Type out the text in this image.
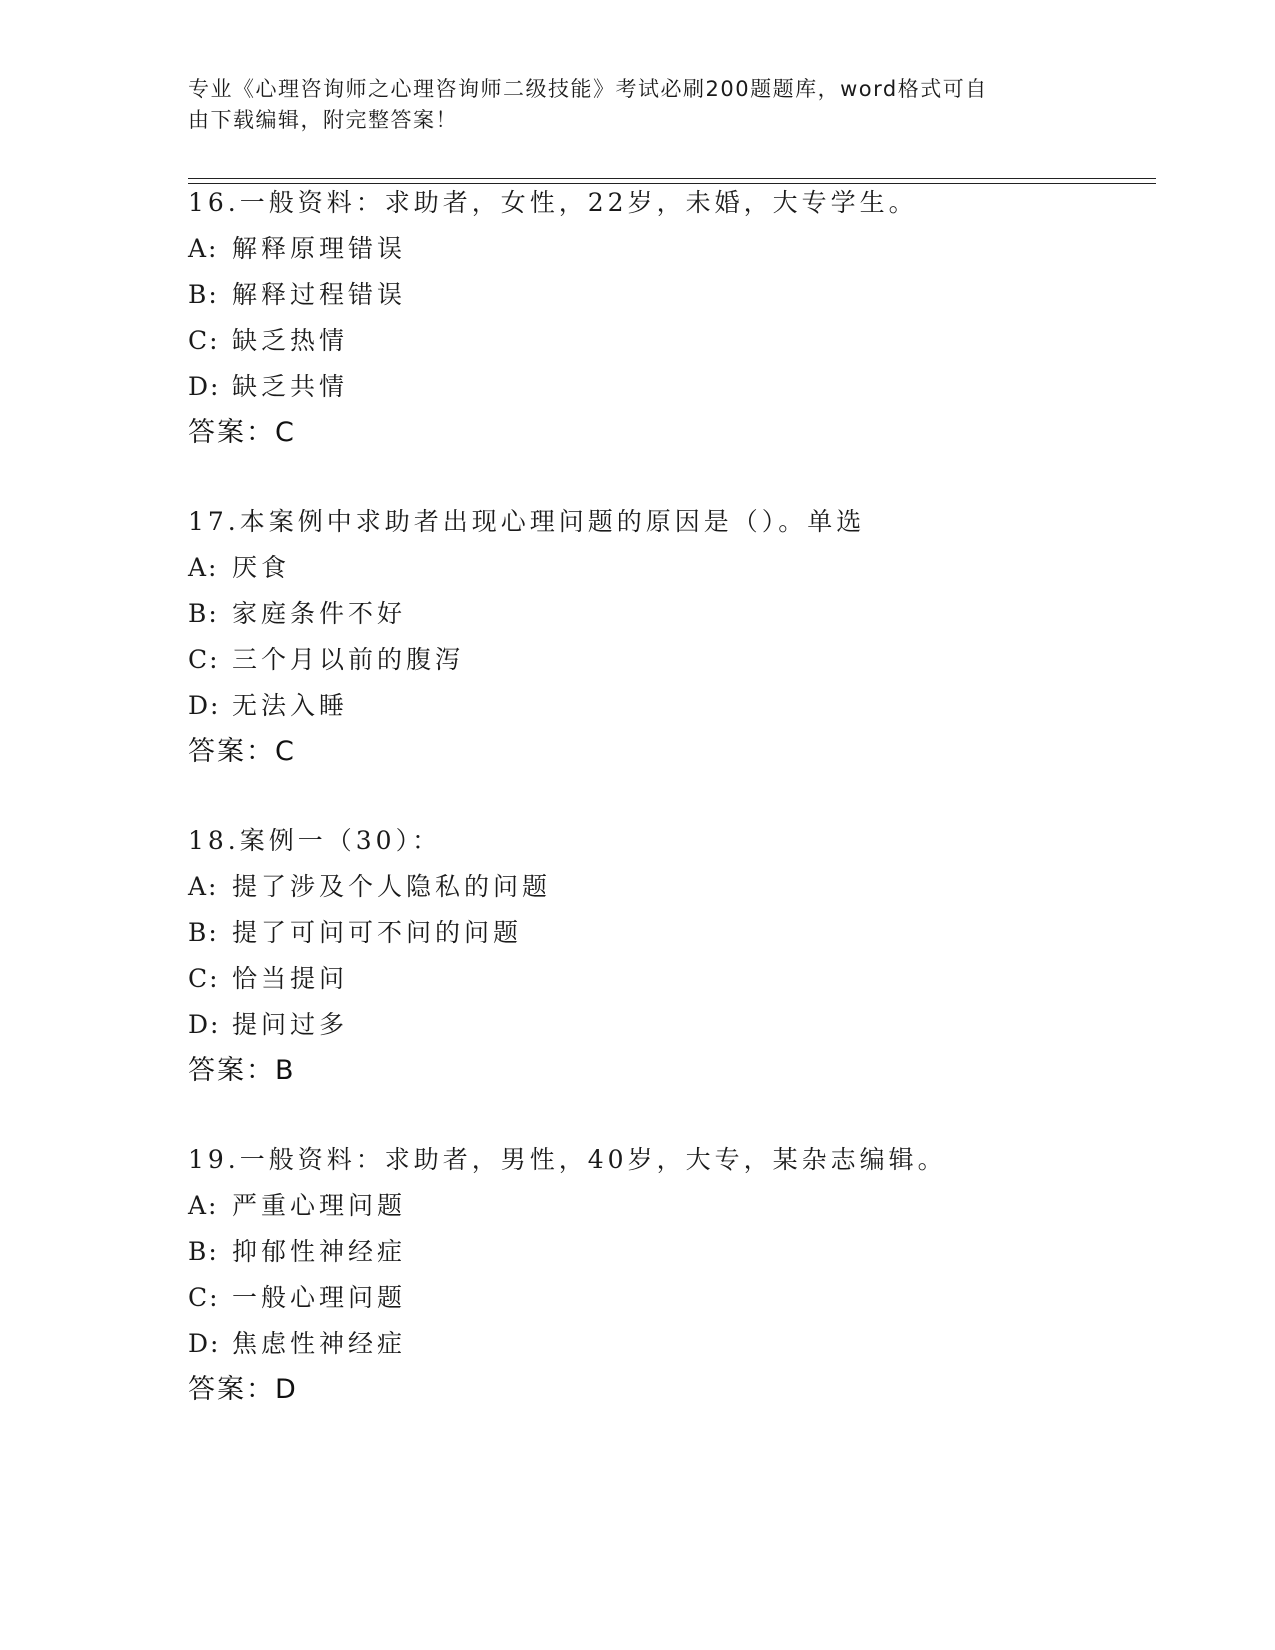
专业《心理咨询师之心理咨询师二级技能》考试必刷200题题库，word格式可自
由下载编辑，附完整答案！
16.一般资料：求助者，女性，22岁，未婚，大专学生。
A: 解释原理错误
B: 解释过程错误
C: 缺乏热情
D: 缺乏共情
答案：C
17.本案例中求助者出现心理问题的原因是（）。单选
A: 厌食
B: 家庭条件不好
C: 三个月以前的腹泻
D: 无法入睡
答案：C
18.案例一（30）：
A: 提了涉及个人隐私的问题
B: 提了可问可不问的问题
C: 恰当提问
D: 提问过多
答案：B
19.一般资料：求助者，男性，40岁，大专，某杂志编辑。
A: 严重心理问题
B: 抑郁性神经症
C: 一般心理问题
D: 焦虑性神经症
答案：D
